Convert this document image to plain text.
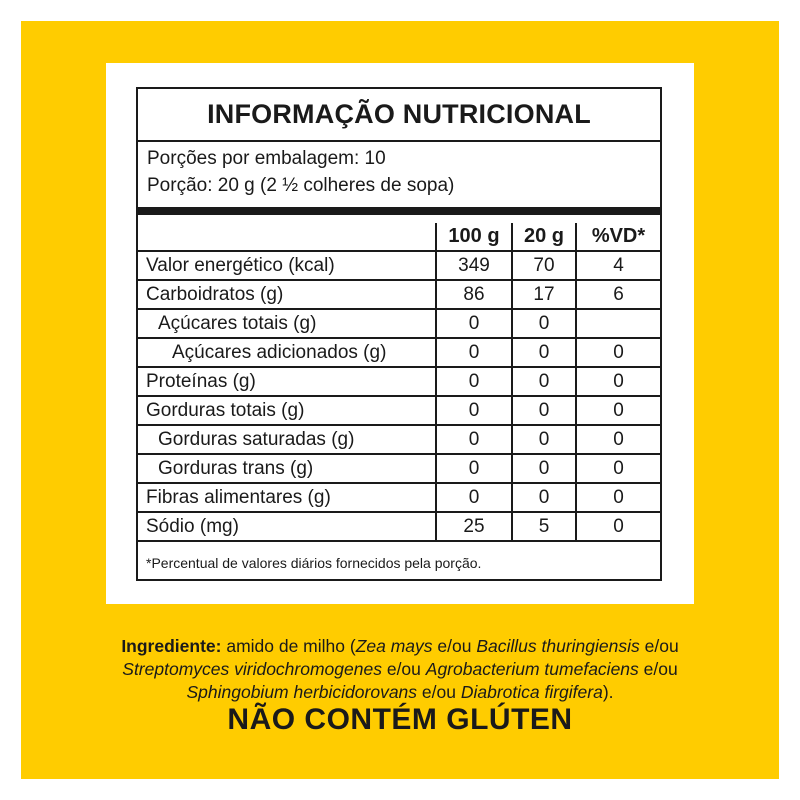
INFORMAÇÃO NUTRICIONAL
Porções por embalagem: 10
Porção: 20 g (2 ½ colheres de sopa)
	100 g	20 g	%VD*
Valor energético (kcal)	349	70	4
Carboidratos (g)	86	17	6
Açúcares totais (g)	0	0	
Açúcares adicionados (g)	0	0	0
Proteínas (g)	0	0	0
Gorduras totais (g)	0	0	0
Gorduras saturadas (g)	0	0	0
Gorduras trans (g)	0	0	0
Fibras alimentares (g)	0	0	0
Sódio (mg)	25	5	0
*Percentual de valores diários fornecidos pela porção.
Ingrediente: amido de milho (Zea mays e/ou Bacillus thuringiensis e/ou
Streptomyces viridochromogenes e/ou Agrobacterium tumefaciens e/ou
Sphingobium herbicidorovans e/ou Diabrotica firgifera).
NÃO CONTÉM GLÚTEN
